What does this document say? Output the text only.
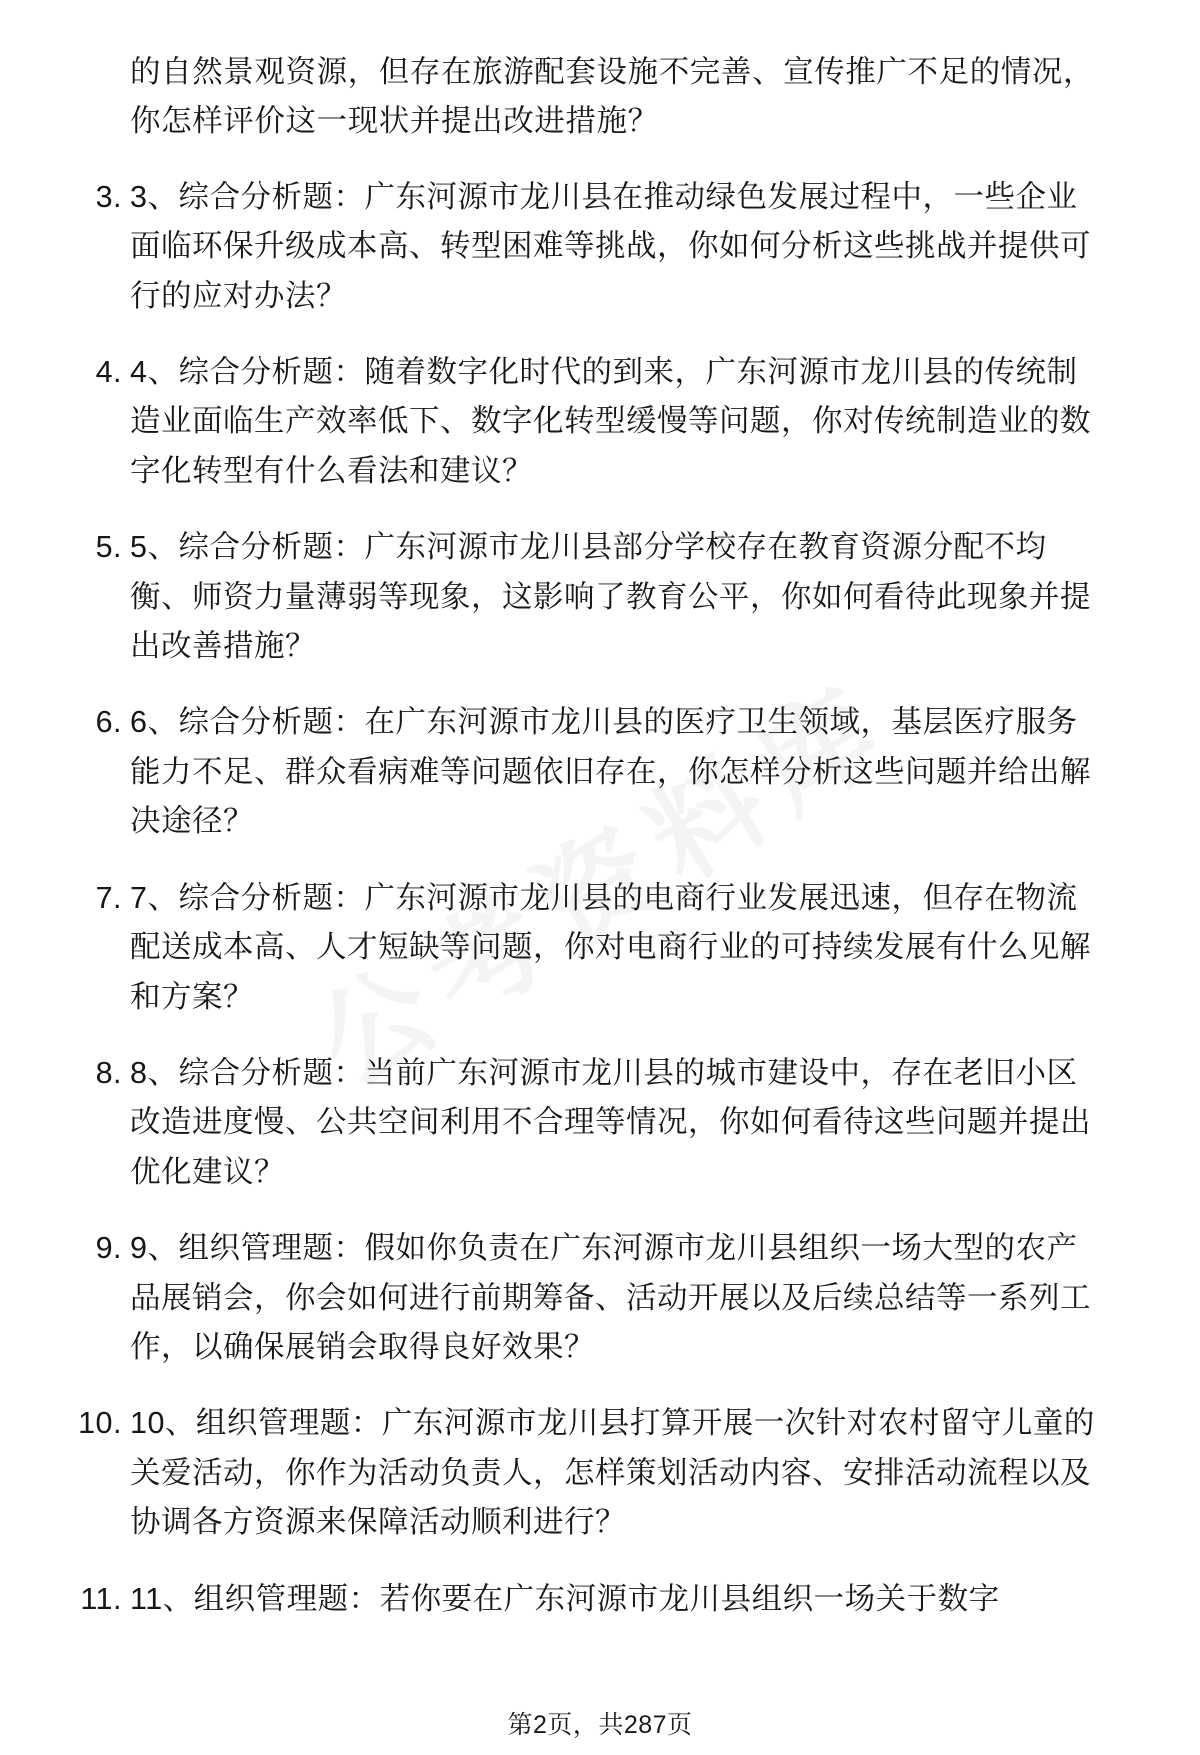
的自然景观资源，但存在旅游配套设施不完善、宣传推广不足的情况，你怎样评价这一现状并提出改进措施？

3. 3、综合分析题：广东河源市龙川县在推动绿色发展过程中，一些企业面临环保升级成本高、转型困难等挑战，你如何分析这些挑战并提供可行的应对办法？
4. 4、综合分析题：随着数字化时代的到来，广东河源市龙川县的传统制造业面临生产效率低下、数字化转型缓慢等问题，你对传统制造业的数字化转型有什么看法和建议？
5. 5、综合分析题：广东河源市龙川县部分学校存在教育资源分配不均衡、师资力量薄弱等现象，这影响了教育公平，你如何看待此现象并提出改善措施？
6. 6、综合分析题：在广东河源市龙川县的医疗卫生领域，基层医疗服务能力不足、群众看病难等问题依旧存在，你怎样分析这些问题并给出解决途径？
7. 7、综合分析题：广东河源市龙川县的电商行业发展迅速，但存在物流配送成本高、人才短缺等问题，你对电商行业的可持续发展有什么见解和方案？
8. 8、综合分析题：当前广东河源市龙川县的城市建设中，存在老旧小区改造进度慢、公共空间利用不合理等情况，你如何看待这些问题并提出优化建议？
9. 9、组织管理题：假如你负责在广东河源市龙川县组织一场大型的农产品展销会，你会如何进行前期筹备、活动开展以及后续总结等一系列工作，以确保展销会取得良好效果？
10. 10、组织管理题：广东河源市龙川县打算开展一次针对农村留守儿童的关爱活动，你作为活动负责人，怎样策划活动内容、安排活动流程以及协调各方资源来保障活动顺利进行？
11. 11、组织管理题：若你要在广东河源市龙川县组织一场关于数字
第2页，共287页
